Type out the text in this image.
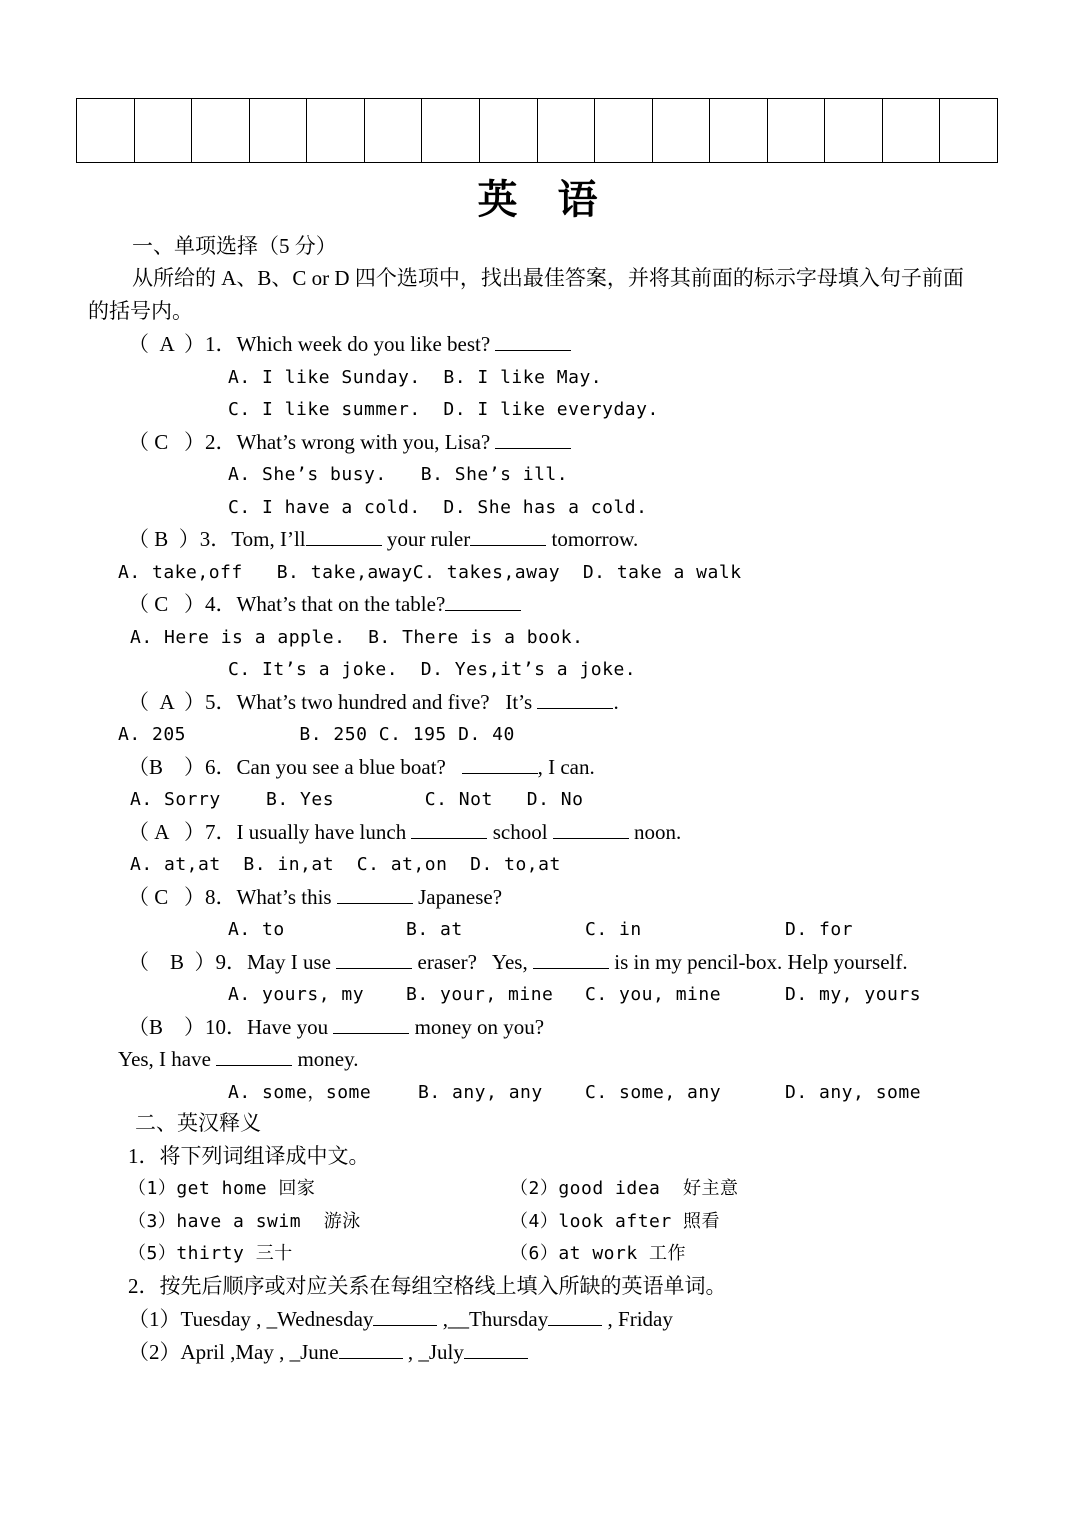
英语
一、单项选择（5 分）
从所给的 A、B、C or D 四个选项中，找出最佳答案，并将其前面的标示字母填入句子前面
的括号内。
（  A  ）1．Which week do you like best?
A. I like Sunday.  B. I like May.
C. I like summer.  D. I like everyday.
（ C   ）2．What’s wrong with you, Lisa?
A. She’s busy.   B. She’s ill.
C. I have a cold.  D. She has a cold.
（ B  ）3．Tom, I’ll	your ruler	tomorrow.
A. take,off   B. take,awayC. takes,away  D. take a walk
（ C   ）4．What’s that on the table?
A. Here is a apple.  B. There is a book.
C. It’s a joke.  D. Yes,it’s a joke.
（  A  ）5．What’s two hundred and five?   It’s	.
A. 205          B. 250 C. 195 D. 40
（B    ）6．Can you see a blue boat?	, I can.
A. Sorry    B. Yes        C. Not   D. No
（ A   ）7．I usually have lunch	school	noon.
A. at,at  B. in,at  C. at,on  D. to,at
（ C   ）8．What’s this	Japanese?
A. to	B. at	C. in	D. for
（    B  ）9．May I use	eraser?   Yes,	is in my pencil-box. Help yourself.
A. yours, my B. your, mine C. you, mine	D. my, yours
（B    ）10．Have you	money on you?
Yes, I have	money.
A. some，some	B. any, any C. some, any	D. any, some
二、英汉释义
1．将下列词组译成中文。
（1）get home 回家	（2）good idea  好主意
（3）have a swim  游泳	（4）look after 照看
（5）thirty 三十	（6）at work 工作
2．按先后顺序或对应关系在每组空格线上填入所缺的英语单词。
（1）Tuesday , _Wednesday	,__Thursday	, Friday
（2）April ,May , _June	, _July
